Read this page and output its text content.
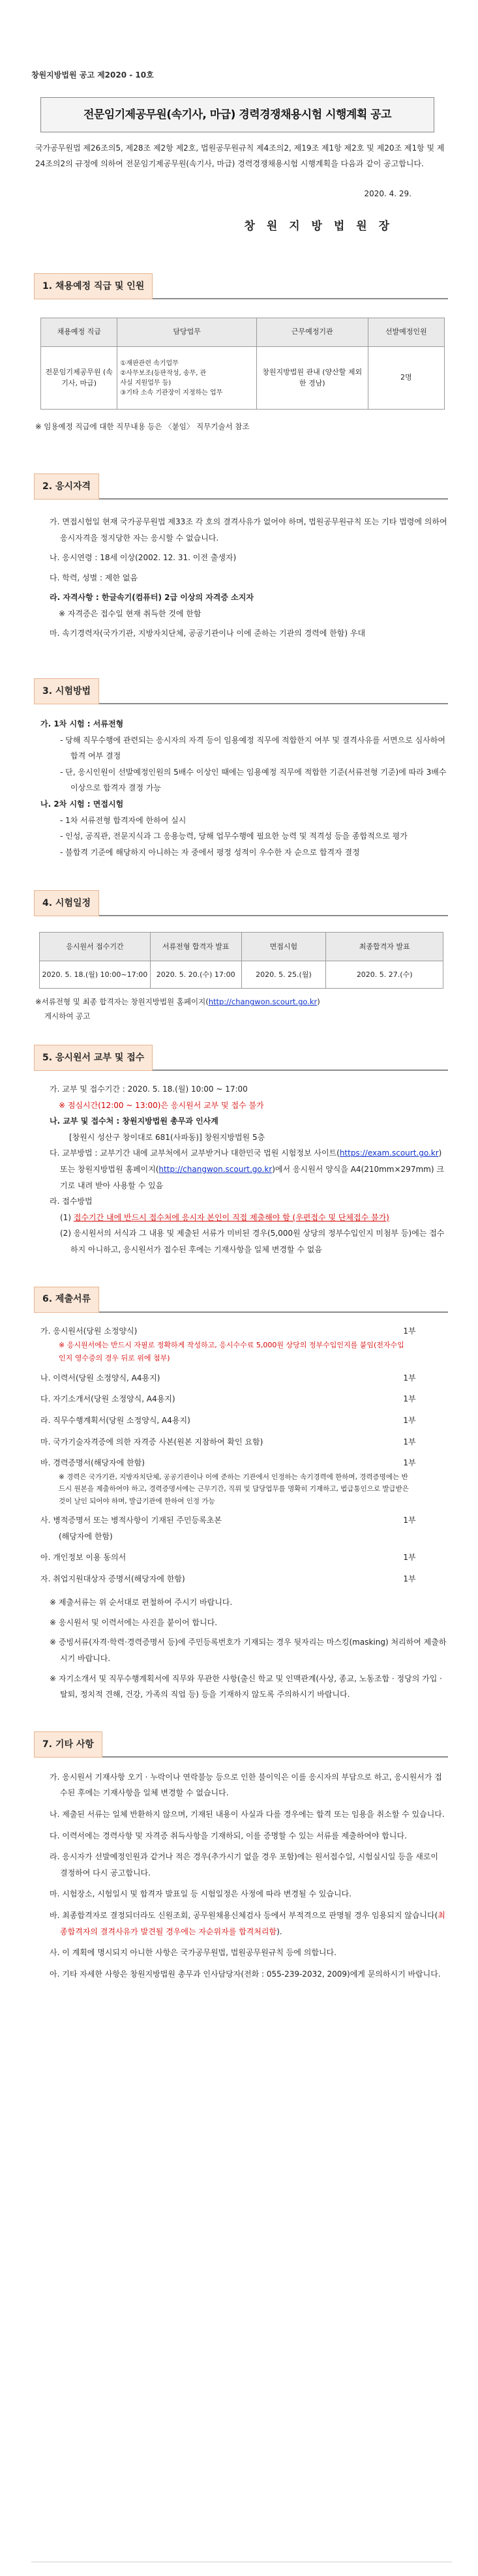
창원지방법원 공고 제2020 - 10호
전문임기제공무원(속기사, 마급) 경력경쟁채용시험 시행계획 공고

국가공무원법 제26조의5, 제28조 제2항 제2호, 법원공무원규칙 제4조의2, 제19조 제1항 제2호 및 제20조 제1항 및 제24조의2의 규정에 의하여 전문임기제공무원(속기사, 마급) 경력경쟁채용시험 시행계획을 다음과 같이 공고합니다.

2020. 4. 29.
창 원 지 방 법 원 장
1. 채용예정 직급 및 인원
채용예정 직급	담당업무	근무예정기관	선발예정인원
전문임기제공무원 (속기사, 마급)	①재판관련 속기업무
②사무보조(등판작성, 송무, 관
사실 지원업무 등)
③기타 소속 기관장이 지정하는 업무	창원지방법원 관내 (양산할 제외한 경남)	2명

※ 임용예정 직급에 대한 직무내용 등은 〈붙임〉 직무기술서 참조

2. 응시자격

가. 면접시험일 현재 국가공무원법 제33조 각 호의 결격사유가 없어야 하며, 법원공무원규칙 또는 기타 법령에 의하여 응시자격을 정지당한 자는 응시할 수 없습니다.

나. 응시연령 : 18세 이상(2002. 12. 31. 이전 출생자)

다. 학력, 성별 : 제한 없음

라. 자격사항 : 한글속기(컴퓨터) 2급 이상의 자격증 소지자

※ 자격증은 접수일 현재 취득한 것에 한함

마. 속기경력자(국가기관, 지방자치단체, 공공기관이나 이에 준하는 기관의 경력에 한함) 우대

3. 시험방법

가. 1차 시험 : 서류전형

- 당해 직무수행에 관련되는 응시자의 자격 등이 임용예정 직무에 적합한지 여부 및 결격사유를 서면으로 심사하여 합격 여부 결정

- 단, 응시인원이 선발예정인원의 5배수 이상인 때에는 임용예정 직무에 적합한 기준(서류전형 기준)에 따라 3배수 이상으로 합격자 결정 가능

나. 2차 시험 : 면접시험

- 1차 서류전형 합격자에 한하여 실시

- 인성, 공직관, 전문지식과 그 응용능력, 당해 업무수행에 필요한 능력 및 적격성 등을 종합적으로 평가

- 불합격 기준에 해당하지 아니하는 자 중에서 평정 성적이 우수한 자 순으로 합격자 결정

4. 시험일정
응시원서 접수기간	서류전형 합격자 발표	면접시험	최종합격자 발표
2020. 5. 18.(월) 10:00~17:00	2020. 5. 20.(수) 17:00	2020. 5. 25.(월)	2020. 5. 27.(수)

※서류전형 및 최종 합격자는 창원지방법원 홈페이지(http://changwon.scourt.go.kr)

게시하여 공고

5. 응시원서 교부 및 접수

가. 교부 및 접수기간 : 2020. 5. 18.(월) 10:00 ~ 17:00

※ 점심시간(12:00 ~ 13:00)은 응시원서 교부 및 접수 불가

나. 교부 및 접수처 : 창원지방법원 총무과 인사계

[창원시 성산구 창이대로 681(사파동)] 창원지방법원 5층

다. 교부방법 : 교부기간 내에 교부처에서 교부받거나 대한민국 법원 시험정보 사이트(https://exam.scourt.go.kr) 또는 창원지방법원 홈페이지(http://changwon.scourt.go.kr)에서 응시원서 양식을 A4(210mm×297mm) 크기로 내려 받아 사용할 수 있음

라. 접수방법

(1) 접수기간 내에 반드시 접수처에 응시자 본인이 직접 제출해야 함 (우편접수 및 단체접수 불가)

(2) 응시원서의 서식과 그 내용 및 제출된 서류가 미비된 경우(5,000원 상당의 정부수입인지 미첨부 등)에는 접수하지 아니하고, 응시원서가 접수된 후에는 기재사항을 일체 변경할 수 없음

6. 제출서류
가. 응시원서(당원 소정양식)	1부

※ 응시원서에는 반드시 자필로 정확하게 작성하고, 응시수수료 5,000원 상당의 정부수입인지를 붙임(전자수입인지 영수증의 경우 뒤로 위에 첨부)

나. 이력서(당원 소정양식, A4용지)	1부
다. 자기소개서(당원 소정양식, A4용지)	1부
라. 직무수행계획서(당원 소정양식, A4용지)	1부
마. 국가기술자격증에 의한 자격증 사본(원본 지참하여 확인 요함)	1부
바. 경력증명서(해당자에 한함)	1부

※ 경력은 국가기관, 지방자치단체, 공공기관이나 이에 준하는 기관에서 인정하는 속기경력에 한하며, 경력증명에는 반드시 원본을 제출하여야 하고, 경력증명서에는 근무기간, 직위 및 담당업무를 명확히 기재하고, 법급통인으로 발급받은 것이 날인 되어야 하며, 발급기관에 한하여 인정 가능

사. 병적증명서 또는 병적사항이 기재된 주민등록초본	1부

(해당자에 한함)

아. 개인정보 이용 동의서	1부
자. 취업지원대상자 증명서(해당자에 한함)	1부

※ 제출서류는 위 순서대로 편철하여 주시기 바랍니다.

※ 응시원서 및 이력서에는 사진을 붙이어 합니다.

※ 증빙서류(자격·학력·경력증명서 등)에 주민등록번호가 기재되는 경우 뒷자리는 마스킹(masking) 처리하여 제출하시기 바랍니다.

※ 자기소개서 및 직무수행계획서에 직무와 무관한 사항(출신 학교 및 인맥관계(사상, 종교, 노동조합 · 정당의 가입 · 탈퇴, 정치적 견해, 건강, 가족의 직업 등) 등을 기재하지 않도록 주의하시기 바랍니다.

7. 기타 사항

가. 응시원서 기재사항 오기 · 누락이나 연락불능 등으로 인한 불이익은 이를 응시자의 부담으로 하고, 응시원서가 접수된 후에는 기재사항을 일체 변경할 수 없습니다.

나. 제출된 서류는 일체 반환하지 않으며, 기재된 내용이 사실과 다를 경우에는 합격 또는 임용을 취소할 수 있습니다.

다. 이력서에는 경력사항 및 자격증 취득사항을 기재하되, 이를 증명할 수 있는 서류를 제출하여야 합니다.

라. 응시자가 선발예정인원과 같거나 적은 경우(추가시기 없을 경우 포함)에는 원서접수일, 시험실시일 등을 새로이 결정하여 다시 공고합니다.

마. 시험장소, 시험일시 및 합격자 발표일 등 시험일정은 사정에 따라 변경될 수 있습니다.

바. 최종합격자로 결정되더라도 신원조회, 공무원채용신체검사 등에서 부적격으로 판명될 경우 임용되지 않습니다(최종합격자의 결격사유가 발견될 경우에는 자순위자를 합격처리함).

사. 이 계획에 명시되지 아니한 사항은 국가공무원법, 법원공무원규칙 등에 의합니다.

아. 기타 자세한 사항은 창원지방법원 총무과 인사담당자(전화 : 055-239-2032, 2009)에게 문의하시기 바랍니다.
